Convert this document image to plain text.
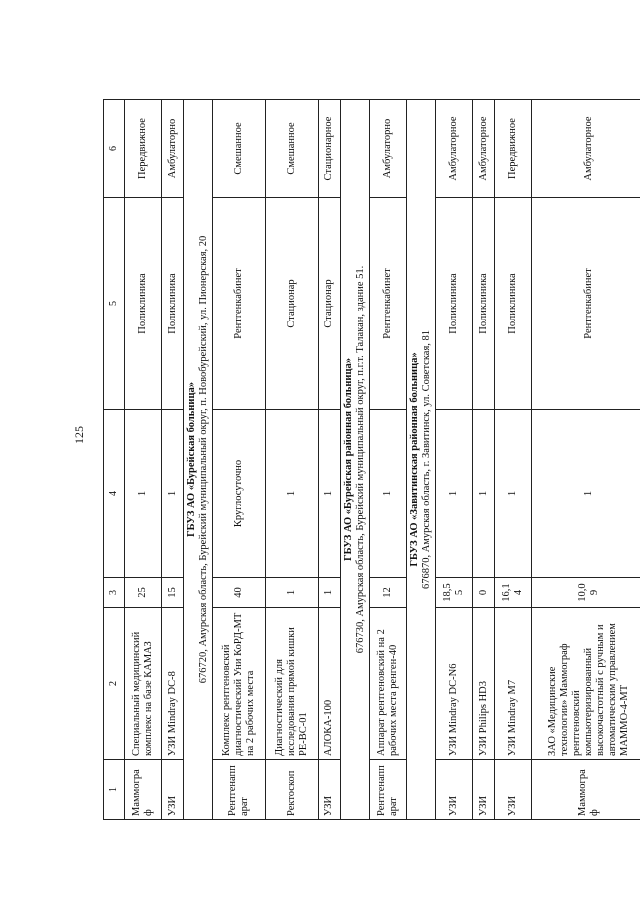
125
1	2	3	4	5	6
Маммограф	Специальный медицинский комплекс на базе КАМАЗ	25	1	Поликлиника	Передвижное
УЗИ	УЗИ Mindray DC-8	15	1	Поликлиника	Амбулаторно

ГБУЗ АО «Бурейская больница» 676720, Амурская область, Бурейский муниципальный округ, п. Новобурейский, ул. Пионерская, 20					

Рентгенаппарат	Комплекс рентгеновский диагностический Уни КоРД-МТ на 2 рабочих места	40	Круглосуточно	Рентгенкабинет	Смешанное
Ректоскоп	Диагностический для исследования прямой кишки РЕ-ВС-01	1	1	Стационар	Смешанное
УЗИ	АЛОКА-100	1	1	Стационар	Стационарное

ГБУЗ АО «Бурейская районная больница» 676730, Амурская область, Бурейский муниципальный округ, п.г.т. Талакан, здание 51.					

Рентгенаппарат	Аппарат рентгеновский на 2 рабочих места ренген-40	12	1	Рентгенкабинет	Амбулаторно

ГБУЗ АО «Завитинская районная больница» 676870, Амурская область, г. Завитинск, ул. Советская, 81					

УЗИ	УЗИ Mindray DC-N6	18,55	1	Поликлиника	Амбулаторное
УЗИ	УЗИ Philips HD3	0	1	Поликлиника	Амбулаторное
УЗИ	УЗИ Mindray M7	16,14	1	Поликлиника	Передвижное
Маммограф	ЗАО «Медицинские технологии» Маммограф рентгеновский компьютеризированный высокочастотный с ручным и автоматическим управлением МАММО-4-МТ	10,09	1	Рентгенкабинет	Амбулаторное
